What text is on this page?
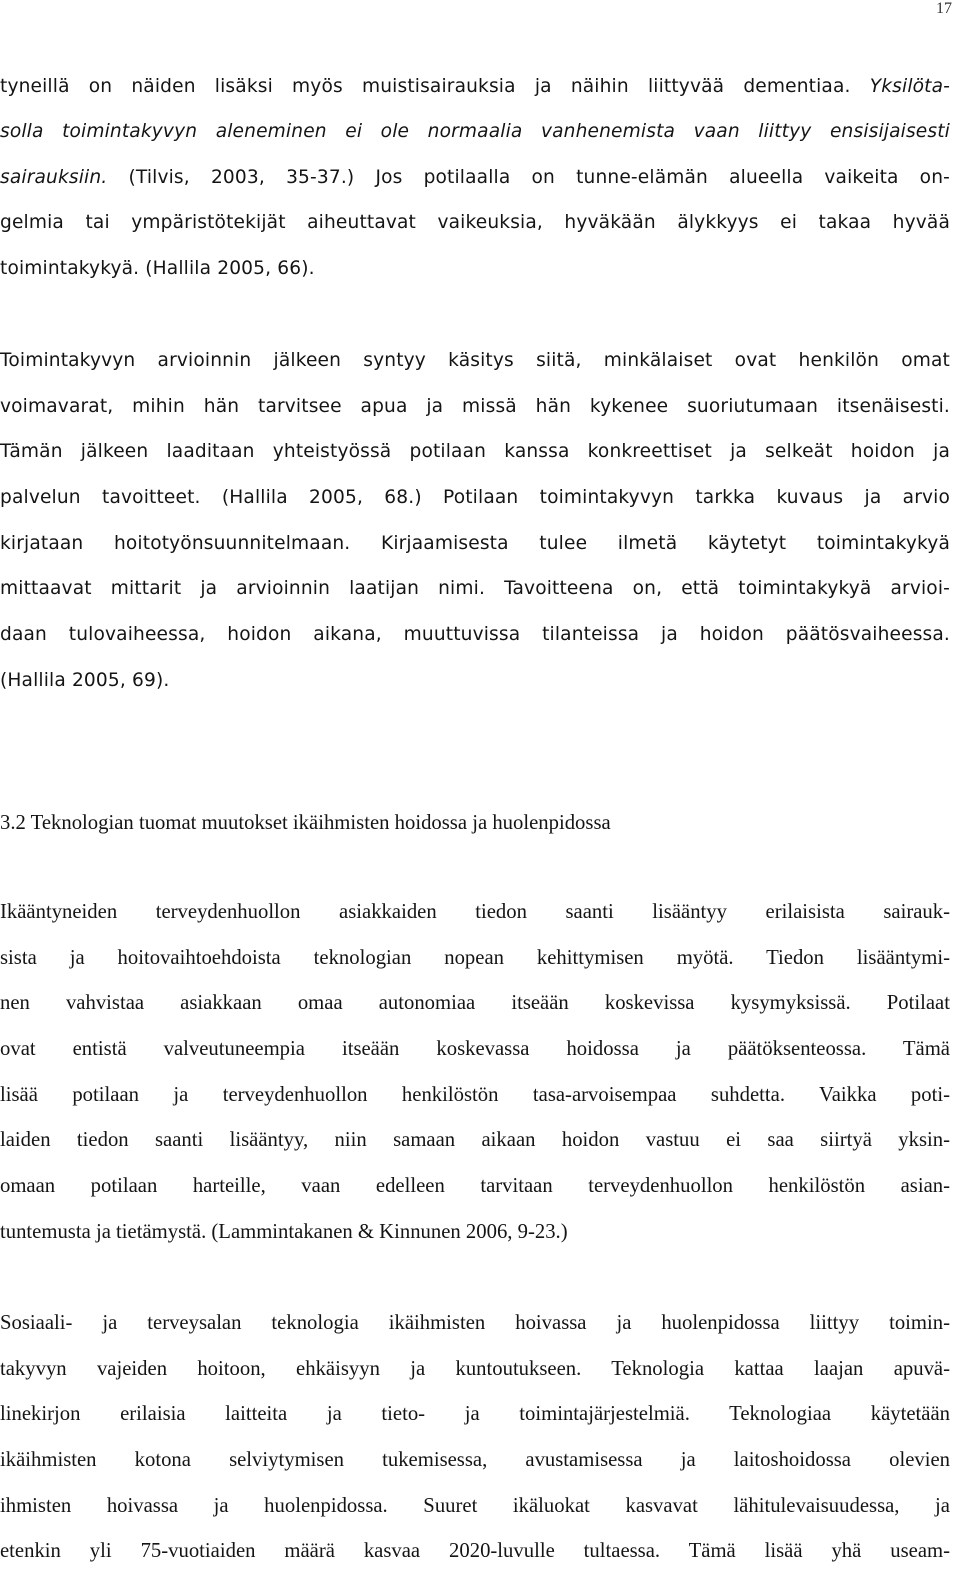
17
tyneillä on näiden lisäksi myös muistisairauksia ja näihin liittyvää dementiaa. Yksilöta-
solla toimintakyvyn aleneminen ei ole normaalia vanhenemista vaan liittyy ensisijaisesti
sairauksiin. (Tilvis, 2003, 35-37.) Jos potilaalla on tunne-elämän alueella vaikeita on-
gelmia tai ympäristötekijät aiheuttavat vaikeuksia, hyväkään älykkyys ei takaa hyvää
toimintakykyä. (Hallila 2005, 66).
Toimintakyvyn arvioinnin jälkeen syntyy käsitys siitä, minkälaiset ovat henkilön omat
voimavarat, mihin hän tarvitsee apua ja missä hän kykenee suoriutumaan itsenäisesti.
Tämän jälkeen laaditaan yhteistyössä potilaan kanssa konkreettiset ja selkeät hoidon ja
palvelun tavoitteet. (Hallila 2005, 68.) Potilaan toimintakyvyn tarkka kuvaus ja arvio
kirjataan hoitotyönsuunnitelmaan. Kirjaamisesta tulee ilmetä käytetyt toimintakykyä
mittaavat mittarit ja arvioinnin laatijan nimi. Tavoitteena on, että toimintakykyä arvioi-
daan tulovaiheessa, hoidon aikana, muuttuvissa tilanteissa ja hoidon päätösvaiheessa.
(Hallila 2005, 69).
3.2 Teknologian tuomat muutokset ikäihmisten hoidossa ja huolenpidossa
Ikääntyneiden terveydenhuollon asiakkaiden tiedon saanti lisääntyy erilaisista sairauk-
sista ja hoitovaihtoehdoista teknologian nopean kehittymisen myötä. Tiedon lisääntymi-
nen vahvistaa asiakkaan omaa autonomiaa itseään koskevissa kysymyksissä. Potilaat
ovat entistä valveutuneempia itseään koskevassa hoidossa ja päätöksenteossa. Tämä
lisää potilaan ja terveydenhuollon henkilöstön tasa-arvoisempaa suhdetta. Vaikka poti-
laiden tiedon saanti lisääntyy, niin samaan aikaan hoidon vastuu ei saa siirtyä yksin-
omaan potilaan harteille, vaan edelleen tarvitaan terveydenhuollon henkilöstön asian-
tuntemusta ja tietämystä. (Lammintakanen & Kinnunen 2006, 9-23.)
Sosiaali- ja terveysalan teknologia ikäihmisten hoivassa ja huolenpidossa liittyy toimin-
takyvyn vajeiden hoitoon, ehkäisyyn ja kuntoutukseen. Teknologia kattaa laajan apuvä-
linekirjon erilaisia laitteita ja tieto- ja toimintajärjestelmiä. Teknologiaa käytetään
ikäihmisten kotona selviytymisen tukemisessa, avustamisessa ja laitoshoidossa olevien
ihmisten hoivassa ja huolenpidossa. Suuret ikäluokat kasvavat lähitulevaisuudessa, ja
etenkin yli 75-vuotiaiden määrä kasvaa 2020-luvulle tultaessa. Tämä lisää yhä useam-
